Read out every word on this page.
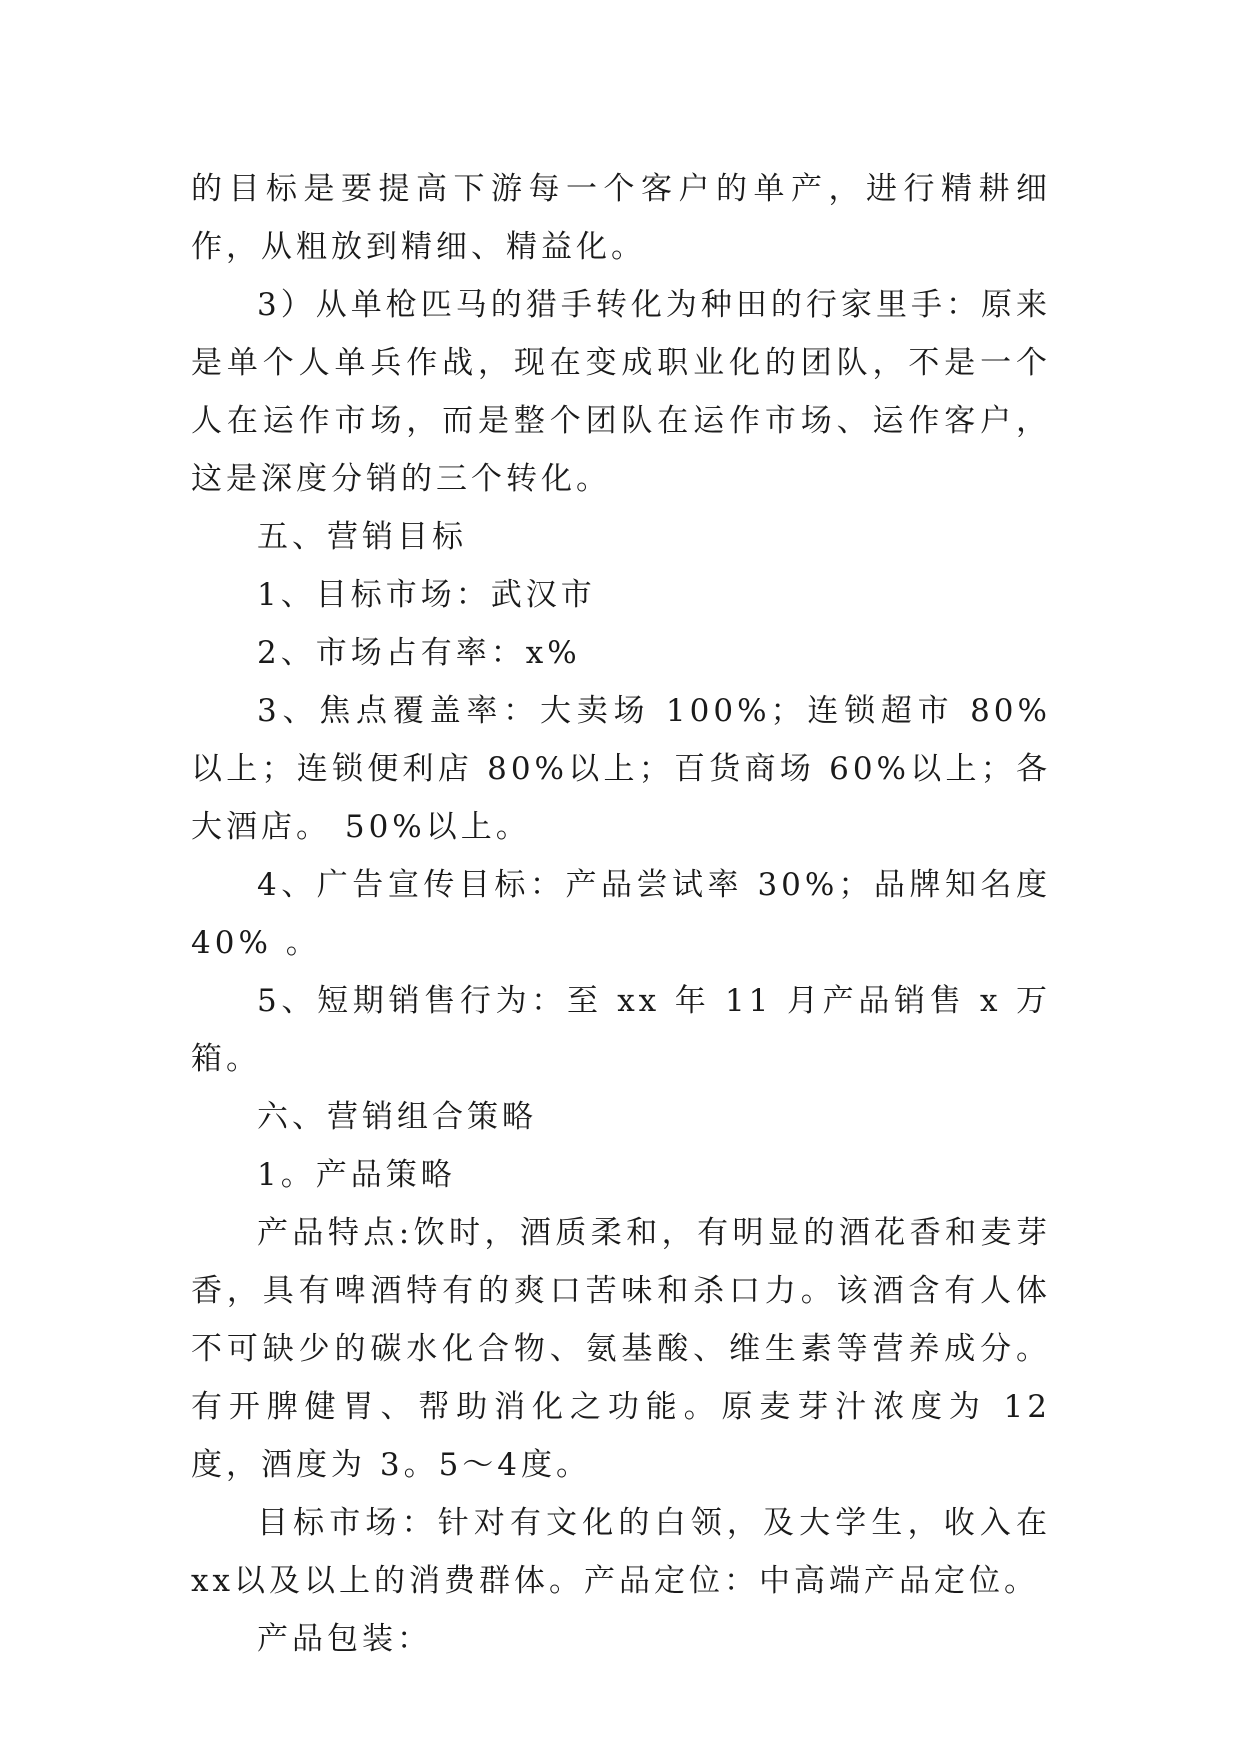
的目标是要提高下游每一个客户的单产，进行精耕细作，从粗放到精细、精益化。

3）从单枪匹马的猎手转化为种田的行家里手：原来是单个人单兵作战，现在变成职业化的团队，不是一个人在运作市场，而是整个团队在运作市场、运作客户，这是深度分销的三个转化。

五、营销目标

1、目标市场：武汉市

2、市场占有率：x%

3、焦点覆盖率：大卖场 100%；连锁超市 80%以上；连锁便利店 80%以上；百货商场 60%以上；各大酒店。 50%以上。

4、广告宣传目标：产品尝试率 30%；品牌知名度 40% 。

5、短期销售行为：至 xx 年 11 月产品销售 x 万箱。

六、营销组合策略

1。产品策略

产品特点:饮时，酒质柔和，有明显的酒花香和麦芽香，具有啤酒特有的爽口苦味和杀口力。该酒含有人体不可缺少的碳水化合物、氨基酸、维生素等营养成分。有开脾健胃、帮助消化之功能。原麦芽汁浓度为 12 度，酒度为 3。5～4度。

目标市场：针对有文化的白领，及大学生，收入在 xx以及以上的消费群体。产品定位：中高端产品定位。

产品包装：
